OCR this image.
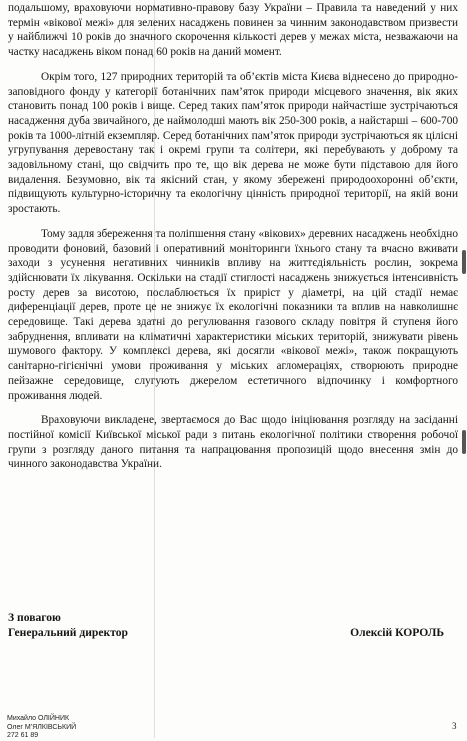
подальшому, враховуючи нормативно-правову базу України – Правила та наведений у них термін «вікової межі» для зелених насаджень повинен за чинним законодавством призвести у найближчі 10 років до значного скорочення кількості дерев у межах міста, незважаючи на частку насаджень віком понад 60 років на даний момент.

Окрім того, 127 природних територій та об’єктів міста Києва віднесено до природно-заповідного фонду у категорії ботанічних пам’яток природи місцевого значення, вік яких становить понад 100 років і вище. Серед таких пам’яток природи найчастіше зустрічаються насадження дуба звичайного, де наймолодші мають вік 250-300 років, а найстарші – 600-700 років та 1000-літній екземпляр. Серед ботанічних пам’яток природи зустрічаються як цілісні угрупування деревостану так і окремі групи та солітери, які перебувають у доброму та задовільному стані, що свідчить про те, що вік дерева не може бути підставою для його видалення. Безумовно, вік та якісний стан, у якому збережені природоохоронні об’єкти, підвищують культурно-історичну та екологічну цінність природної території, на якій вони зростають.

Тому задля збереження та поліпшення стану «вікових» деревних насаджень необхідно проводити фоновий, базовий і оперативний моніторинги їхнього стану та вчасно вживати заходи з усунення негативних чинників впливу на життєдіяльність рослин, зокрема здійснювати їх лікування. Оскільки на стадії стиглості насаджень знижується інтенсивність росту дерев за висотою, послаблюється їх приріст у діаметрі, на цій стадії немає диференціації дерев, проте це не знижує їх екологічні показники та вплив на навколишнє середовище. Такі дерева здатні до регулювання газового складу повітря й ступеня його забруднення, впливати на кліматичні характеристики міських територій, знижувати рівень шумового фактору. У комплексі дерева, які досягли «вікової межі», також покращують санітарно-гігієнічні умови проживання у міських агломераціях, створюють природне пейзажне середовище, слугують джерелом естетичного відпочинку і комфортного проживання людей.

Враховуючи викладене, звертаємося до Вас щодо ініціювання розгляду на засіданні постійної комісії Київської міської ради з питань екологічної політики створення робочої групи з розгляду даного питання та напрацювання пропозицій щодо внесення змін до чинного законодавства України.

З повагою
Генеральний директор	Олексій КОРОЛЬ
Михайло ОЛІЙНИК
Олег М’ЯЛКІВСЬКИЙ
272 61 89
3
